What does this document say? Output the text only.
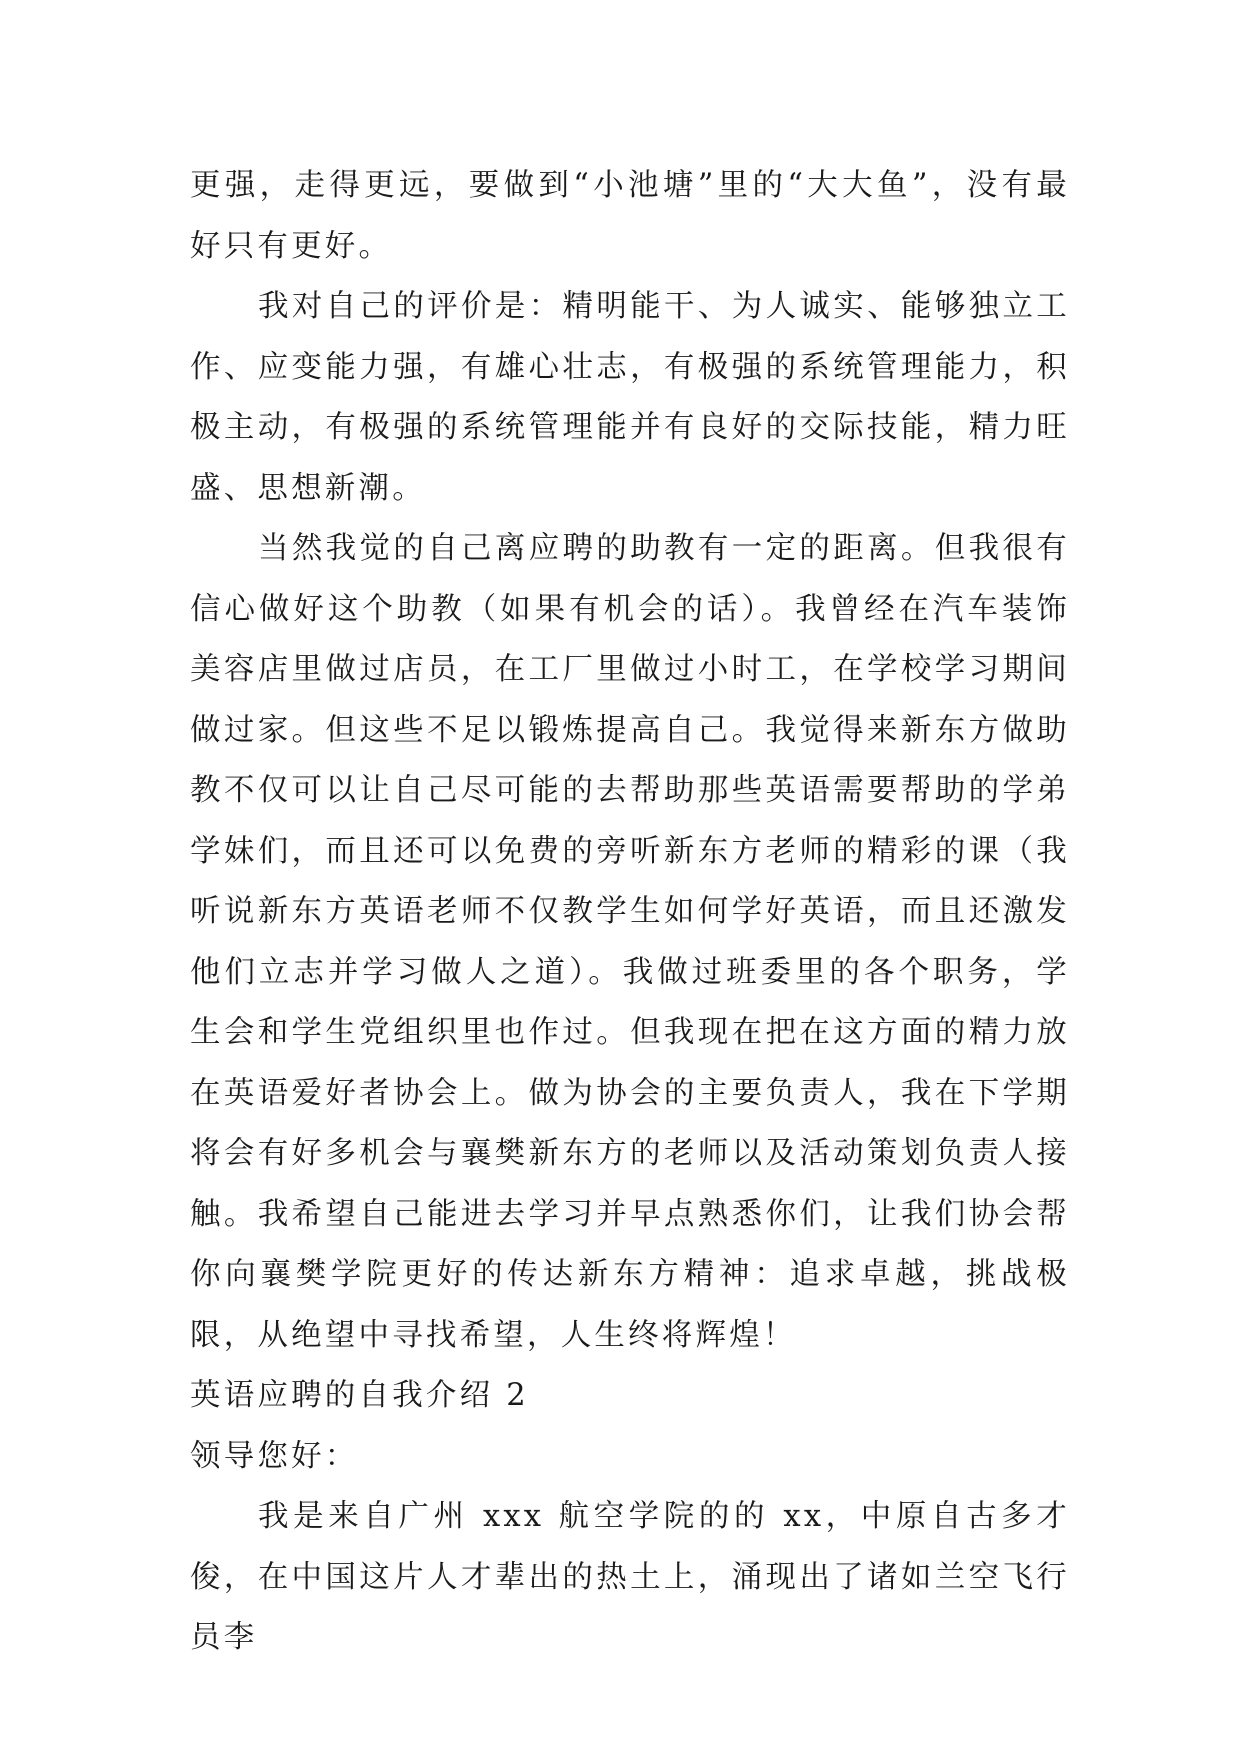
更强，走得更远，要做到“小池塘”里的“大大鱼”，没有最好只有更好。

我对自己的评价是：精明能干、为人诚实、能够独立工作、应变能力强，有雄心壮志，有极强的系统管理能力，积极主动，有极强的系统管理能并有良好的交际技能，精力旺盛、思想新潮。

当然我觉的自己离应聘的助教有一定的距离。但我很有信心做好这个助教（如果有机会的话）。我曾经在汽车装饰美容店里做过店员，在工厂里做过小时工，在学校学习期间做过家。但这些不足以锻炼提高自己。我觉得来新东方做助教不仅可以让自己尽可能的去帮助那些英语需要帮助的学弟学妹们，而且还可以免费的旁听新东方老师的精彩的课（我听说新东方英语老师不仅教学生如何学好英语，而且还激发他们立志并学习做人之道）。我做过班委里的各个职务，学生会和学生党组织里也作过。但我现在把在这方面的精力放在英语爱好者协会上。做为协会的主要负责人，我在下学期将会有好多机会与襄樊新东方的老师以及活动策划负责人接触。我希望自己能进去学习并早点熟悉你们，让我们协会帮你向襄樊学院更好的传达新东方精神：追求卓越，挑战极限，从绝望中寻找希望，人生终将辉煌！

英语应聘的自我介绍 2

领导您好：

我是来自广州 xxx 航空学院的的 xx，中原自古多才俊，在中国这片人才辈出的热土上，涌现出了诸如兰空飞行员李
